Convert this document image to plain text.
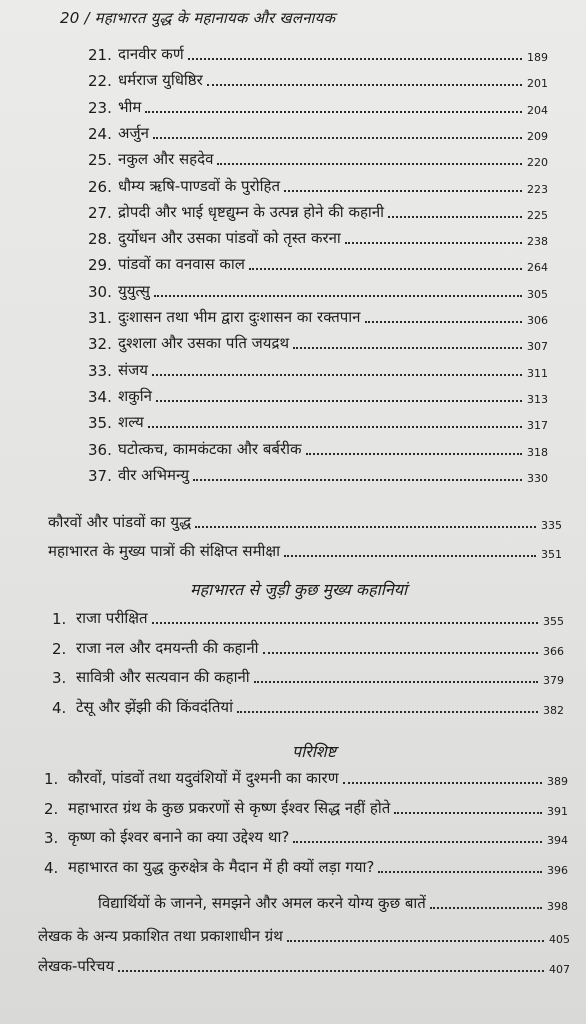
20 / महाभारत युद्ध के महानायक और खलनायक
21. दानवीर कर्ण	189
22. धर्मराज युधिष्ठिर	201
23. भीम	204
24. अर्जुन	209
25. नकुल और सहदेव	220
26. धौम्य ऋषि-पाण्डवों के पुरोहित	223
27. द्रोपदी और भाई धृष्टद्युम्न के उत्पन्न होने की कहानी	225
28. दुर्योधन और उसका पांडवों को तृस्त करना	238
29. पांडवों का वनवास काल	264
30. युयुत्सु	305
31. दुःशासन तथा भीम द्वारा दुःशासन का रक्तपान	306
32. दुश्शला और उसका पति जयद्रथ	307
33. संजय	311
34. शकुनि	313
35. शल्य	317
36. घटोत्कच, कामकंटका और बर्बरीक	318
37. वीर अभिमन्यु	330
कौरवों और पांडवों का युद्ध	335
महाभारत के मुख्य पात्रों की संक्षिप्त समीक्षा	351
महाभारत से जुड़ी कुछ मुख्य कहानियां
1. राजा परीक्षित	355
2. राजा नल और दमयन्ती की कहानी	366
3. सावित्री और सत्यवान की कहानी	379
4. टेसू और झेंझी की किंवदंतियां	382
परिशिष्ट
1. कौरवों, पांडवों तथा यदुवंशियों में दुश्मनी का कारण	389
2. महाभारत ग्रंथ के कुछ प्रकरणों से कृष्ण ईश्वर सिद्ध नहीं होते	391
3. कृष्ण को ईश्वर बनाने का क्या उद्देश्य था?	394
4. महाभारत का युद्ध कुरुक्षेत्र के मैदान में ही क्यों लड़ा गया?	396
विद्यार्थियों के जानने, समझने और अमल करने योग्य कुछ बातें	398
लेखक के अन्य प्रकाशित तथा प्रकाशाधीन ग्रंथ	405
लेखक-परिचय	407
